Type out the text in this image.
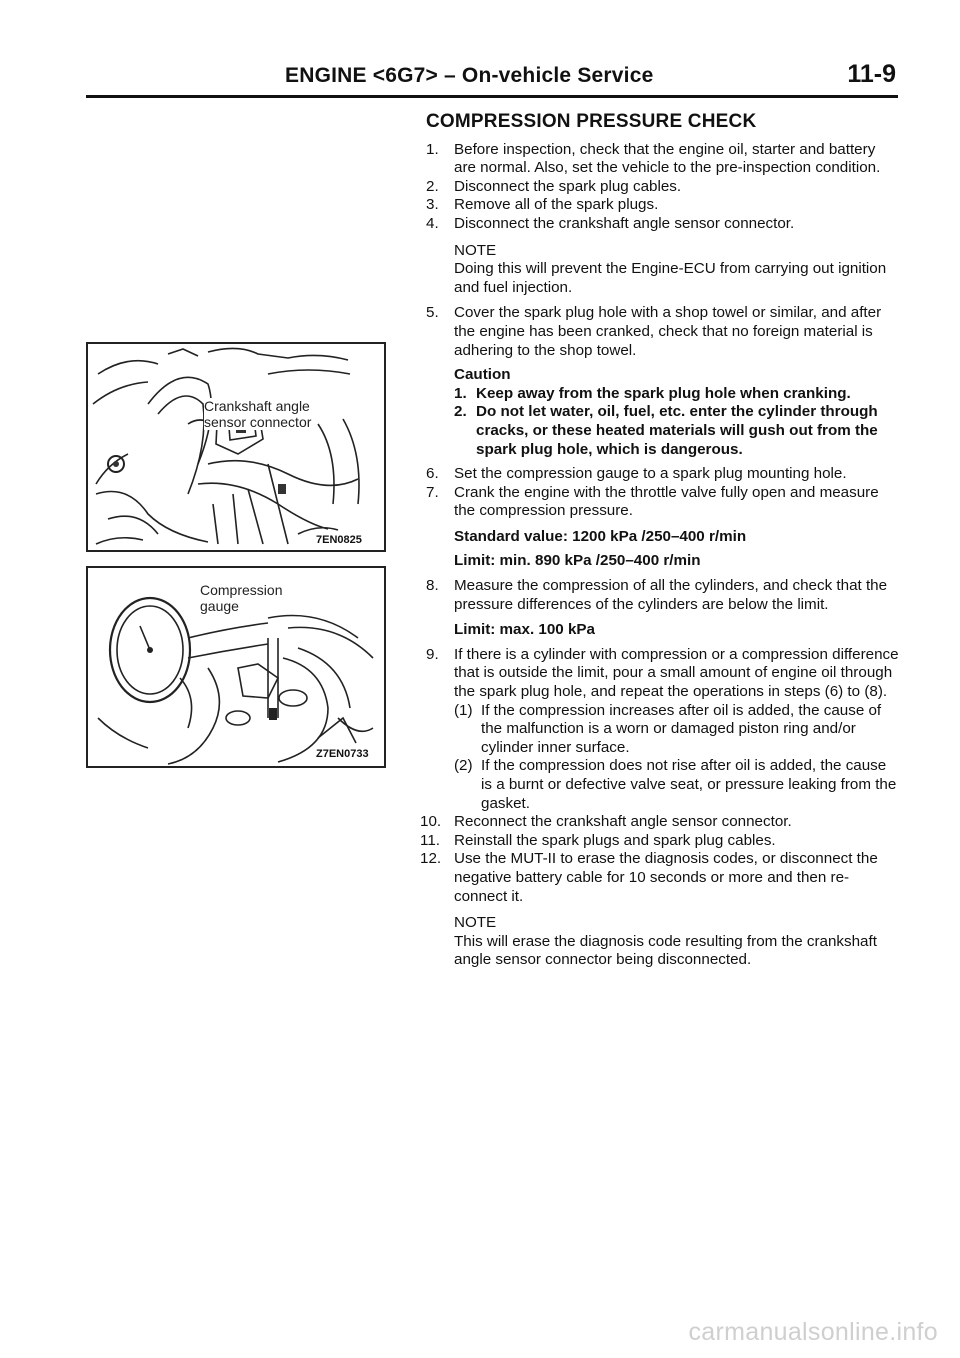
ENGINE <6G7> – On-vehicle Service	11-9
Crankshaft angle
sensor connector
7EN0825
Compression
gauge
Z7EN0733
COMPRESSION PRESSURE CHECK
1.	Before inspection, check that the engine oil, starter and battery are normal. Also, set the vehicle to the pre-inspection condition.
2.	Disconnect the spark plug cables.
3.	Remove all of the spark plugs.
4.	Disconnect the crankshaft angle sensor connector.
NOTE
Doing this will prevent the Engine-ECU from carrying out ignition and fuel injection.
5.	Cover the spark plug hole with a shop towel or similar, and after the engine has been cranked, check that no foreign material is adhering to the shop towel.
Caution
1. Keep away from the spark plug hole when cranking.
2. Do not let water, oil, fuel, etc. enter the cylinder through cracks, or these heated materials will gush out from the spark plug hole, which is dangerous.
6.	Set the compression gauge to a spark plug mounting hole.
7.	Crank the engine with the throttle valve fully open and measure the compression pressure.
Standard value: 1200 kPa /250–400 r/min
Limit: min. 890 kPa /250–400 r/min
8.	Measure the compression of all the cylinders, and check that the pressure differences of the cylinders are below the limit.
Limit: max. 100 kPa
9.	If there is a cylinder with compression or a compression difference that is outside the limit, pour a small amount of engine oil through the spark plug hole, and repeat the operations in steps (6) to (8).
(1) If the compression increases after oil is added, the cause of the malfunction is a worn or damaged piston ring and/or cylinder inner surface.
(2) If the compression does not rise after oil is added, the cause is a burnt or defective valve seat, or pressure leaking from the gasket.
10. Reconnect the crankshaft angle sensor connector.
11. Reinstall the spark plugs and spark plug cables.
12. Use the MUT-II to erase the diagnosis codes, or disconnect the negative battery cable for 10 seconds or more and then re-connect it.
NOTE
This will erase the diagnosis code resulting from the crankshaft angle sensor connector being disconnected.
carmanualsonline.info
